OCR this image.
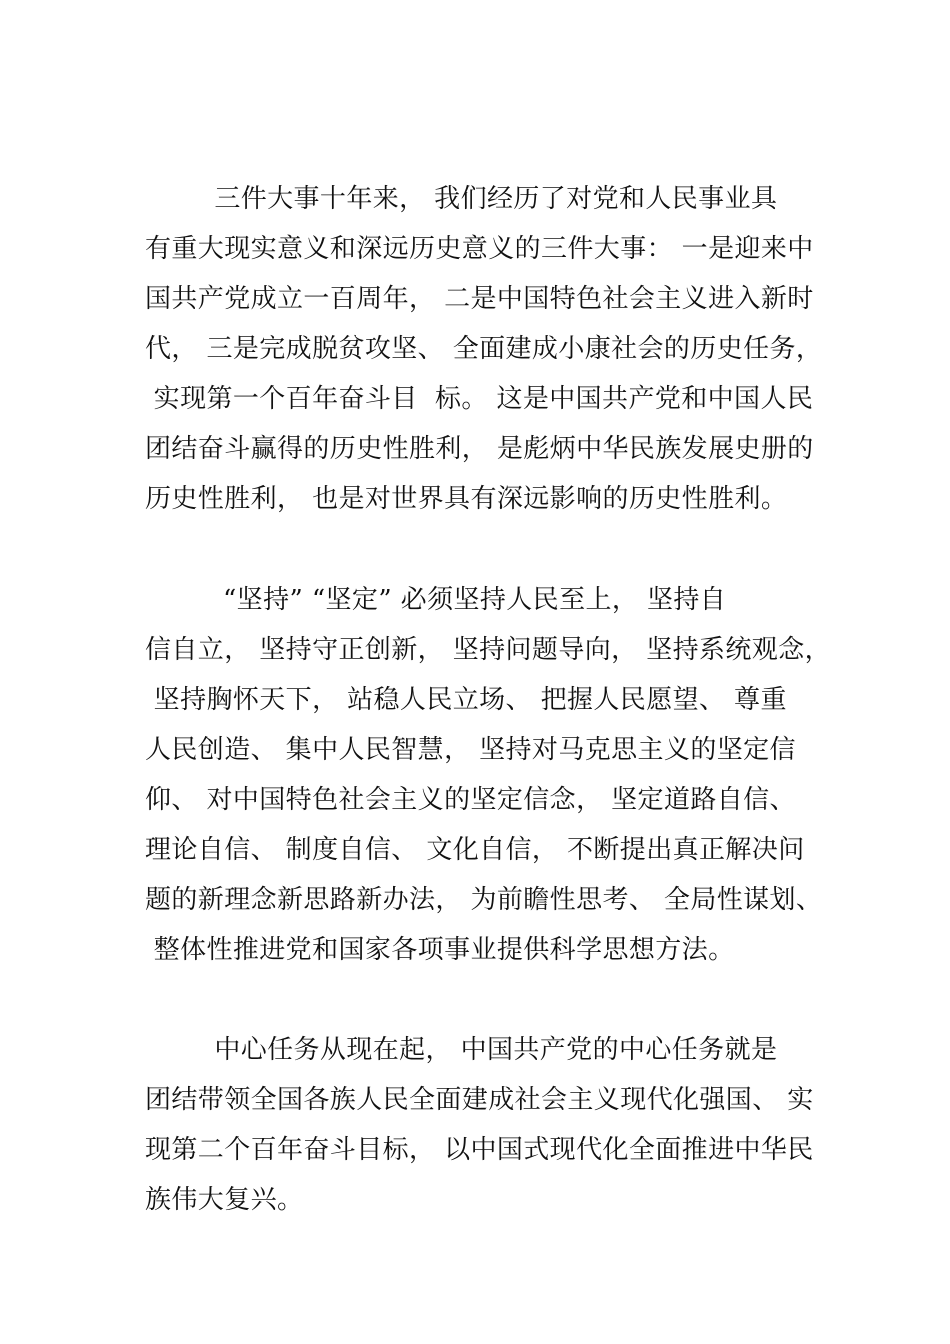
三件大事十年来， 我们经历了对党和人民事业具
有重大现实意义和深远历史意义的三件大事： 一是迎来中
国共产党成立一百周年， 二是中国特色社会主义进入新时
代， 三是完成脱贫攻坚、 全面建成小康社会的历史任务，
实现第一个百年奋斗目  标。 这是中国共产党和中国人民
团结奋斗赢得的历史性胜利， 是彪炳中华民族发展史册的
历史性胜利， 也是对世界具有深远影响的历史性胜利。
“坚持” “坚定” 必须坚持人民至上， 坚持自
信自立， 坚持守正创新， 坚持问题导向， 坚持系统观念，
坚持胸怀天下， 站稳人民立场、 把握人民愿望、 尊重
人民创造、 集中人民智慧， 坚持对马克思主义的坚定信
仰、 对中国特色社会主义的坚定信念， 坚定道路自信、
理论自信、 制度自信、 文化自信， 不断提出真正解决问
题的新理念新思路新办法， 为前瞻性思考、 全局性谋划、
整体性推进党和国家各项事业提供科学思想方法。
中心任务从现在起， 中国共产党的中心任务就是
团结带领全国各族人民全面建成社会主义现代化强国、 实
现第二个百年奋斗目标， 以中国式现代化全面推进中华民
族伟大复兴。
